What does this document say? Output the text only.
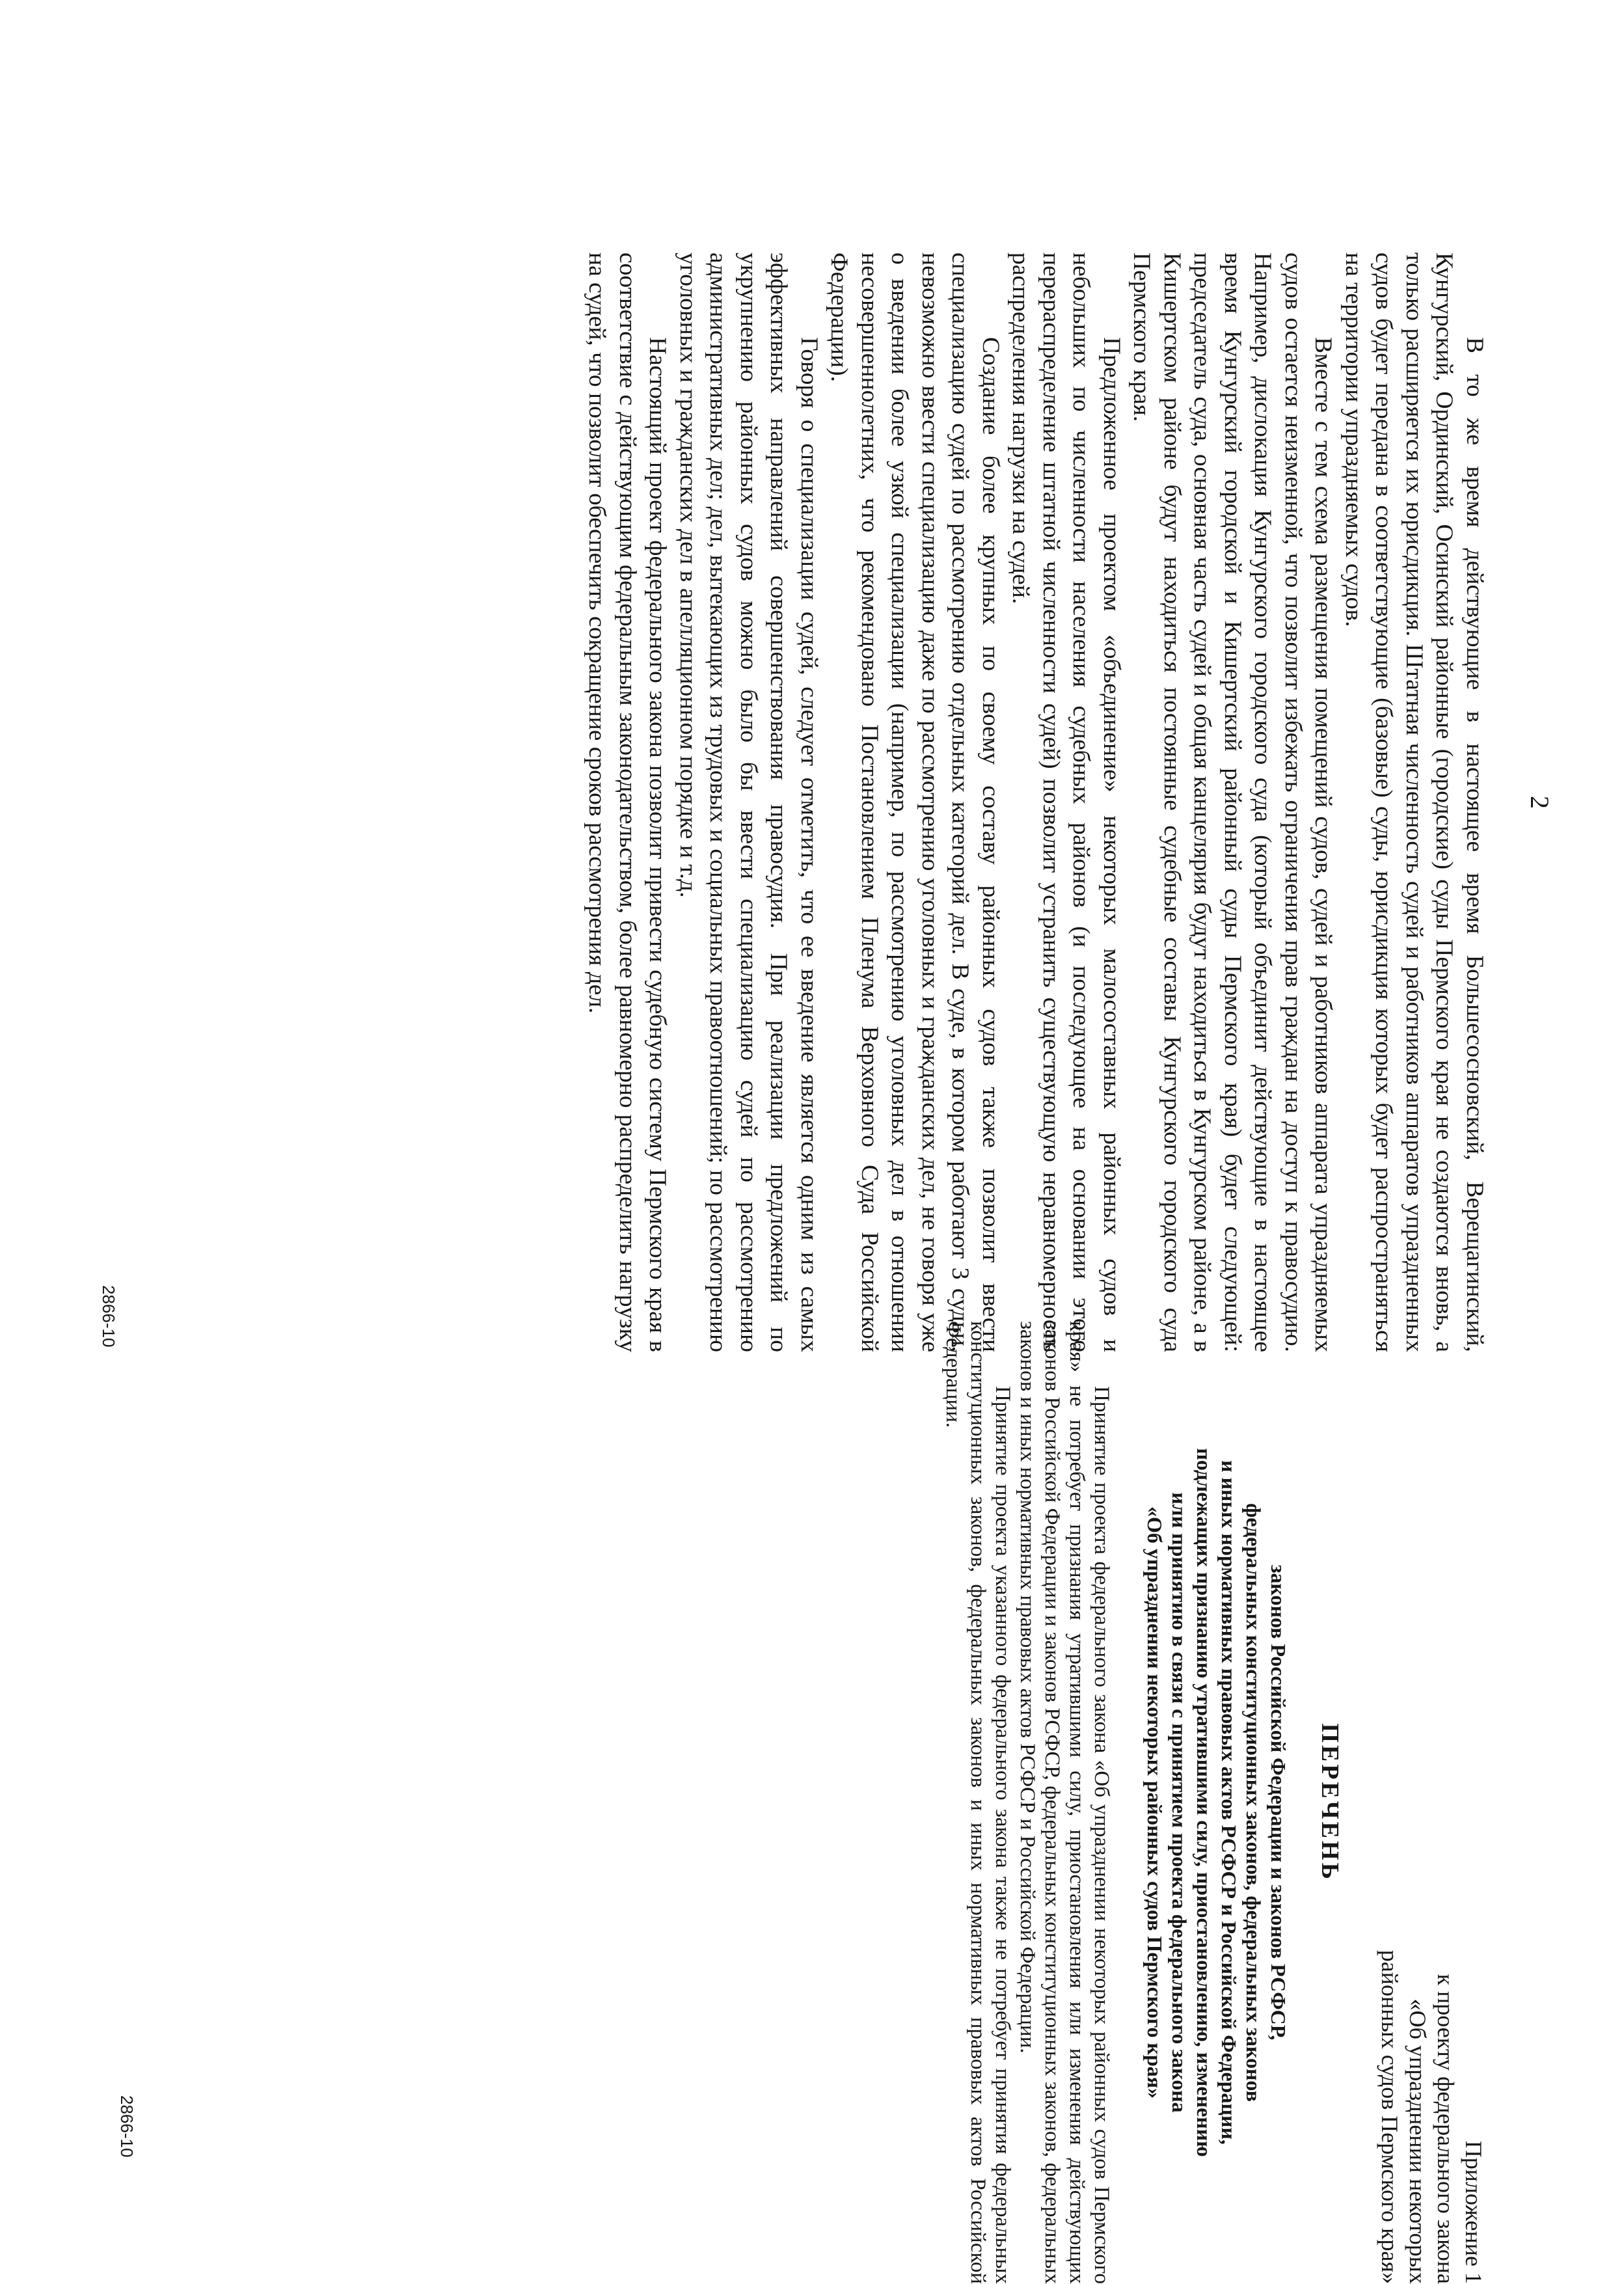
2

В то же время действующие в настоящее время Большесосновский, Верещагинский, Кунгурский, Ординский, Осинский районные (городские) суды Пермского края не создаются вновь, а только расширяется их юрисдикция. Штатная численность судей и работников аппаратов упраздненных судов будет передана в соответствующие (базовые) суды, юрисдикция которых будет распространяться на территории упраздняемых судов.

Вместе с тем схема размещения помещений судов, судей и работников аппарата упраздняемых судов остается неизменной, что позволит избежать ограничения прав граждан на доступ к правосудию. Например, дислокация Кунгурского городского суда (который объединит действующие в настоящее время Кунгурский городской и Кишертский районный суды Пермского края) будет следующей: председатель суда, основная часть судей и общая канцелярия будут находиться в Кунгурском районе, а в Кишертском районе будут находиться постоянные судебные составы Кунгурского городского суда Пермского края.

Предложенное проектом «объединение» некоторых малосоставных районных судов и небольших по численности населения судебных районов (и последующее на основании этого перераспределение штатной численности судей) позволит устранить существующую неравномерность распределения нагрузки на судей.

Создание более крупных по своему составу районных судов также позволит ввести специализацию судей по рассмотрению отдельных категорий дел. В суде, в котором работают 3 судьи, невозможно ввести специализацию даже по рассмотрению уголовных и гражданских дел, не говоря уже о введении более узкой специализации (например, по рассмотрению уголовных дел в отношении несовершеннолетних, что рекомендовано Постановлением Пленума Верховного Суда Российской Федерации).

Говоря о специализации судей, следует отметить, что ее введение является одним из самых эффективных направлений совершенствования правосудия. При реализации предложений по укрупнению районных судов можно было бы ввести специализацию судей по рассмотрению административных дел; дел, вытекающих из трудовых и социальных правоотношений; по рассмотрению уголовных и гражданских дел в апелляционном порядке и т.д.

Настоящий проект федерального закона позволит привести судебную систему Пермского края в соответствие с действующим федеральным законодательством, более равномерно распределить нагрузку на судей, что позволит обеспечить сокращение сроков рассмотрения дел.

Приложение 1
к проекту федерального закона
«Об упразднении некоторых
районных судов Пермского края»
ПЕРЕЧЕНЬ
законов Российской Федерации и законов РСФСР,
федеральных конституционных законов, федеральных законов
и иных нормативных правовых актов РСФСР и Российской Федерации,
подлежащих признанию утратившими силу, приостановлению, изменению
или принятию в связи с принятием проекта федерального закона
«Об упразднении некоторых районных судов Пермского края»

Принятие проекта федерального закона «Об упразднении некоторых районных судов Пермского края» не потребует признания утратившими силу, приостановления или изменения действующих законов Российской Федерации и законов РСФСР, федеральных конституционных законов, федеральных законов и иных нормативных правовых актов РСФСР и Российской Федерации.

Принятие проекта указанного федерального закона также не потребует принятия федеральных конституционных законов, федеральных законов и иных нормативных правовых актов Российской Федерации.

2866-10
2866-10
